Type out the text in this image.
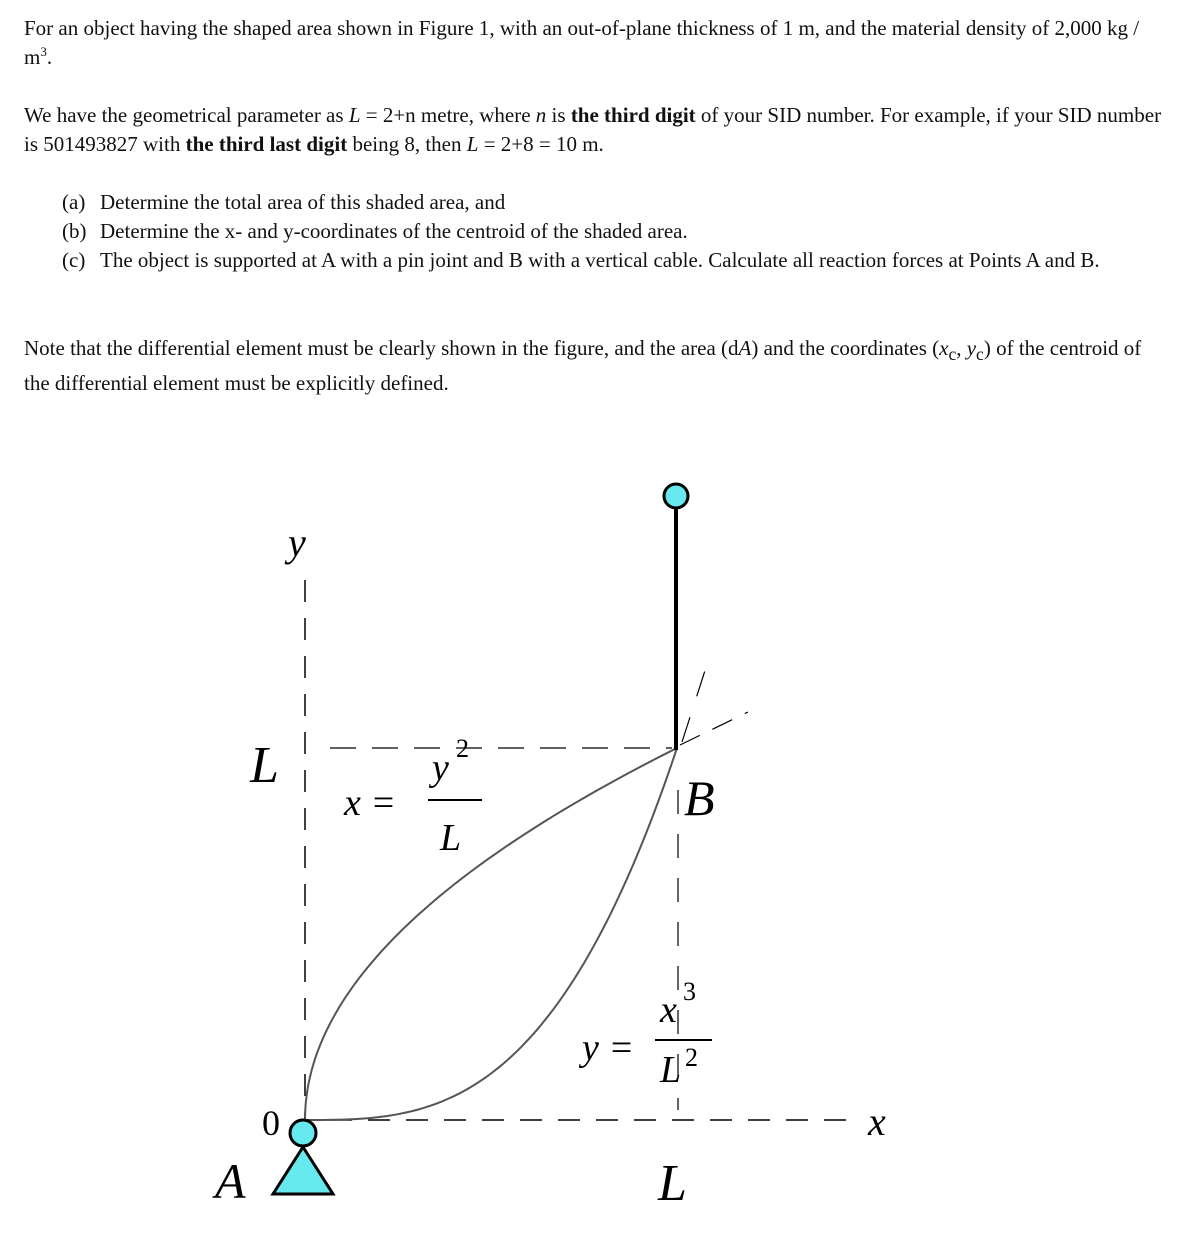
For an object having the shaped area shown in Figure 1, with an out-of-plane thickness of 1 m, and the material density of 2,000 kg / $m^3$.
We have the geometrical parameter as L = 2+n metre, where n is the third digit of your SID number. For example, if your SID number is 501493827 with the third last digit being 8, then L = 2+8 = 10 m.
(a) Determine the total area of this shaded area, and
(b) Determine the x- and y-coordinates of the centroid of the shaded area.
(c) The object is supported at A with a pin joint and B with a vertical cable. Calculate all reaction forces at Points A and B.
Note that the differential element must be clearly shown in the figure, and the area (dA) and the coordinates ($x_c$, $y_c$) of the centroid of the differential element must be explicitly defined.
y
x
L
L
0
A
B
x =
y 2
L
y =
x 3
L 2
